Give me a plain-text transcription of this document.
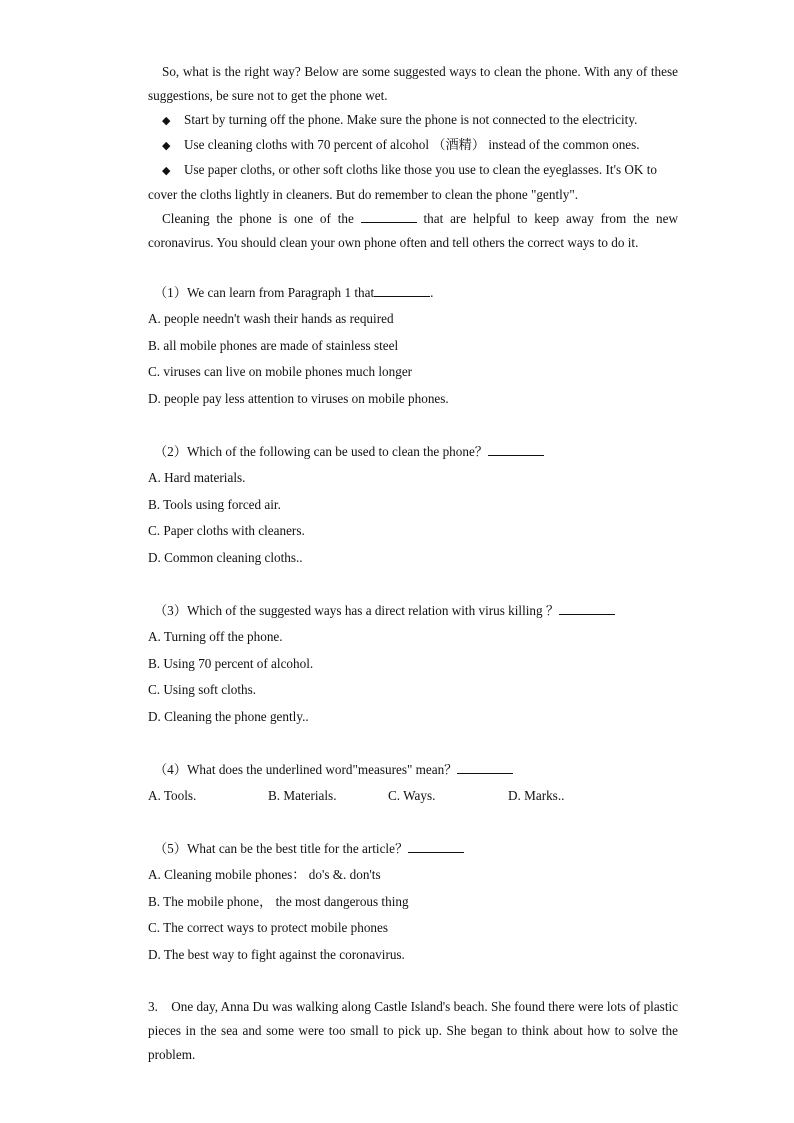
So, what is the right way? Below are some suggested ways to clean the phone. With any of these suggestions, be sure not to get the phone wet.

◆ Start by turning off the phone. Make sure the phone is not connected to the electricity.

◆ Use cleaning cloths with 70 percent of alcohol （酒精） instead of the common ones.

◆ Use paper cloths, or other soft cloths like those you use to clean the eyeglasses. It's OK to cover the cloths lightly in cleaners. But do remember to clean the phone "gently".

Cleaning the phone is one of the	that are helpful to keep away from the new coronavirus. You should clean your own phone often and tell others the correct ways to do it.

（1）We can learn from Paragraph 1 that	.
A. people needn't wash their hands as required
B. all mobile phones are made of stainless steel
C. viruses can live on mobile phones much longer
D. people pay less attention to viruses on mobile phones.
（2）Which of the following can be used to clean the phone？
A. Hard materials.
B. Tools using forced air.
C. Paper cloths with cleaners.
D. Common cleaning cloths..
（3）Which of the suggested ways has a direct relation with virus killing ？
A. Turning off the phone.
B. Using 70 percent of alcohol.
C. Using soft cloths.
D. Cleaning the phone gently..
（4）What does the underlined word"measures" mean？
A. Tools.	B. Materials.	C. Ways.	D. Marks..
（5）What can be the best title for the article？
A. Cleaning mobile phones： do's &. don'ts
B. The mobile phone， the most dangerous thing
C. The correct ways to protect mobile phones
D. The best way to fight against the coronavirus.

3. One day, Anna Du was walking along Castle Island's beach. She found there were lots of plastic pieces in the sea and some were too small to pick up. She began to think about how to solve the problem.
